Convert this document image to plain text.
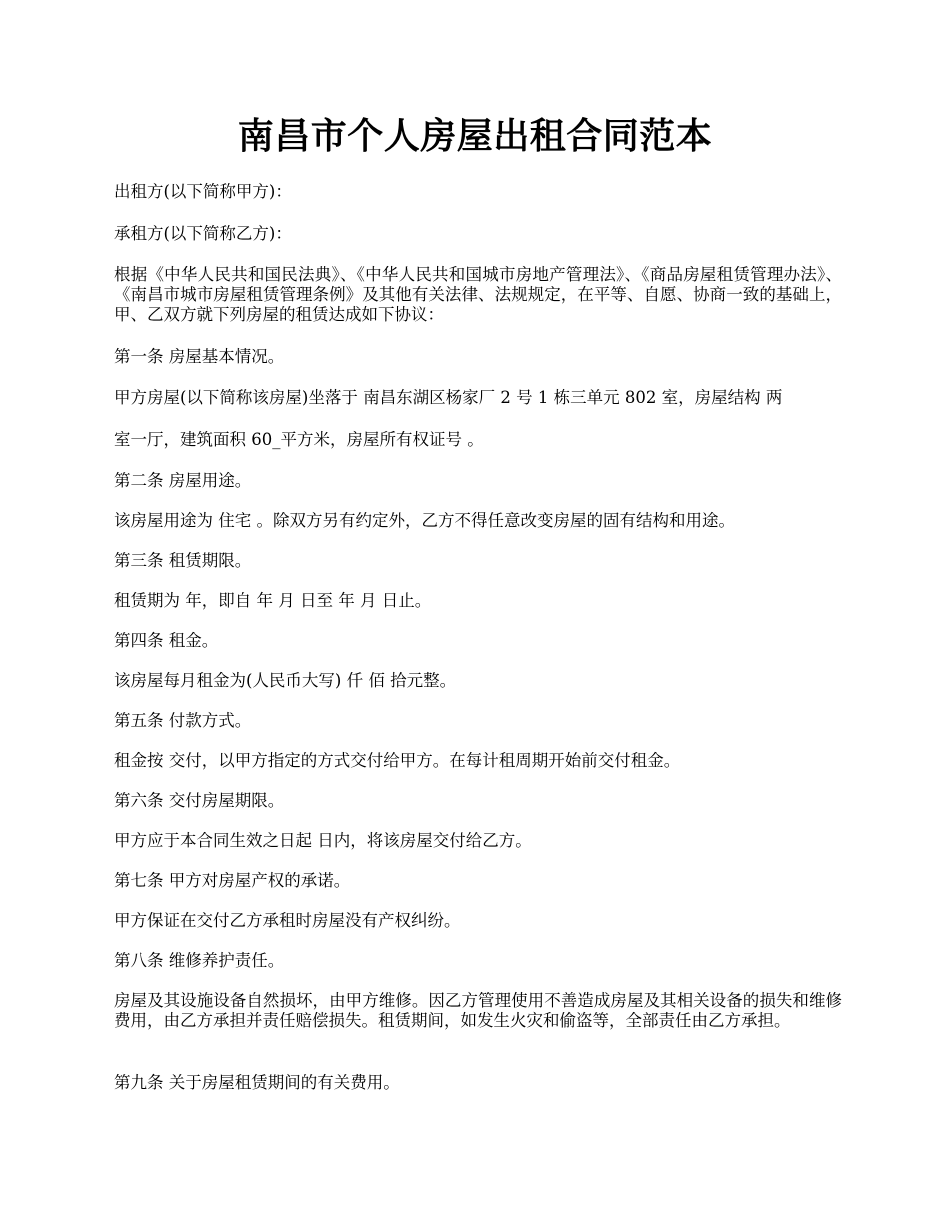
南昌市个人房屋出租合同范本

出租方(以下简称甲方)：

承租方(以下简称乙方)：

根据《中华人民共和国民法典》、《中华人民共和国城市房地产管理法》、《商品房屋租赁管理办法》、《南昌市城市房屋租赁管理条例》及其他有关法律、法规规定，在平等、自愿、协商一致的基础上，甲、乙双方就下列房屋的租赁达成如下协议：

第一条 房屋基本情况。

甲方房屋(以下简称该房屋)坐落于 南昌东湖区杨家厂 2 号 1 栋三单元 802 室，房屋结构 两

室一厅，建筑面积 60_平方米，房屋所有权证号 。

第二条 房屋用途。

该房屋用途为 住宅 。除双方另有约定外，乙方不得任意改变房屋的固有结构和用途。

第三条 租赁期限。

租赁期为 年，即自 年 月 日至 年 月 日止。

第四条 租金。

该房屋每月租金为(人民币大写) 仟 佰 拾元整。

第五条 付款方式。

租金按 交付，以甲方指定的方式交付给甲方。在每计租周期开始前交付租金。

第六条 交付房屋期限。

甲方应于本合同生效之日起 日内，将该房屋交付给乙方。

第七条 甲方对房屋产权的承诺。

甲方保证在交付乙方承租时房屋没有产权纠纷。

第八条 维修养护责任。

房屋及其设施设备自然损坏，由甲方维修。因乙方管理使用不善造成房屋及其相关设备的损失和维修费用，由乙方承担并责任赔偿损失。租赁期间，如发生火灾和偷盗等，全部责任由乙方承担。

第九条 关于房屋租赁期间的有关费用。
